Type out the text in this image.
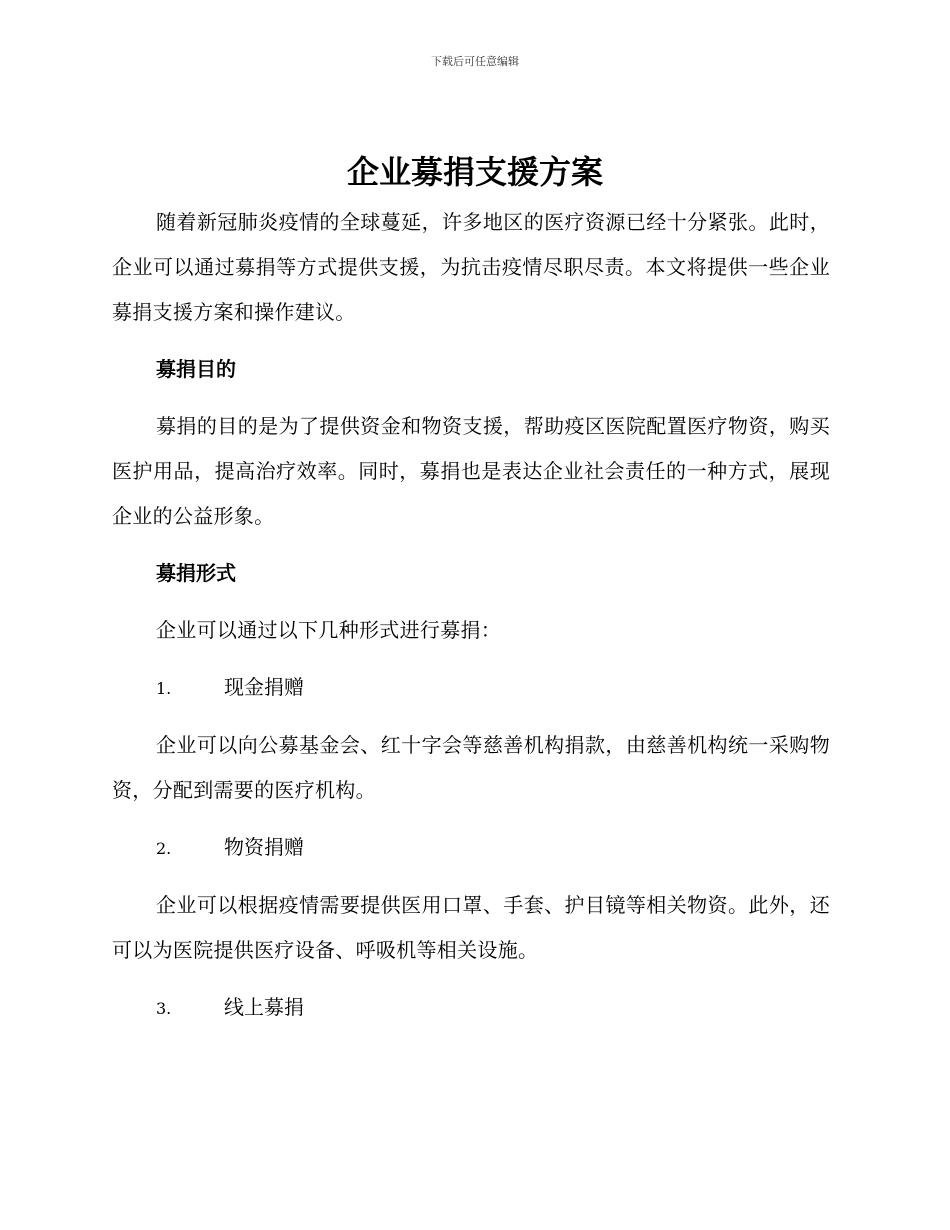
下载后可任意编辑
企业募捐支援方案

随着新冠肺炎疫情的全球蔓延，许多地区的医疗资源已经十分紧张。此时，企业可以通过募捐等方式提供支援，为抗击疫情尽职尽责。本文将提供一些企业募捐支援方案和操作建议。

募捐目的

募捐的目的是为了提供资金和物资支援，帮助疫区医院配置医疗物资，购买医护用品，提高治疗效率。同时，募捐也是表达企业社会责任的一种方式，展现企业的公益形象。

募捐形式

企业可以通过以下几种形式进行募捐：

1.	现金捐赠

企业可以向公募基金会、红十字会等慈善机构捐款，由慈善机构统一采购物资，分配到需要的医疗机构。

2.	物资捐赠

企业可以根据疫情需要提供医用口罩、手套、护目镜等相关物资。此外，还可以为医院提供医疗设备、呼吸机等相关设施。

3.	线上募捐
